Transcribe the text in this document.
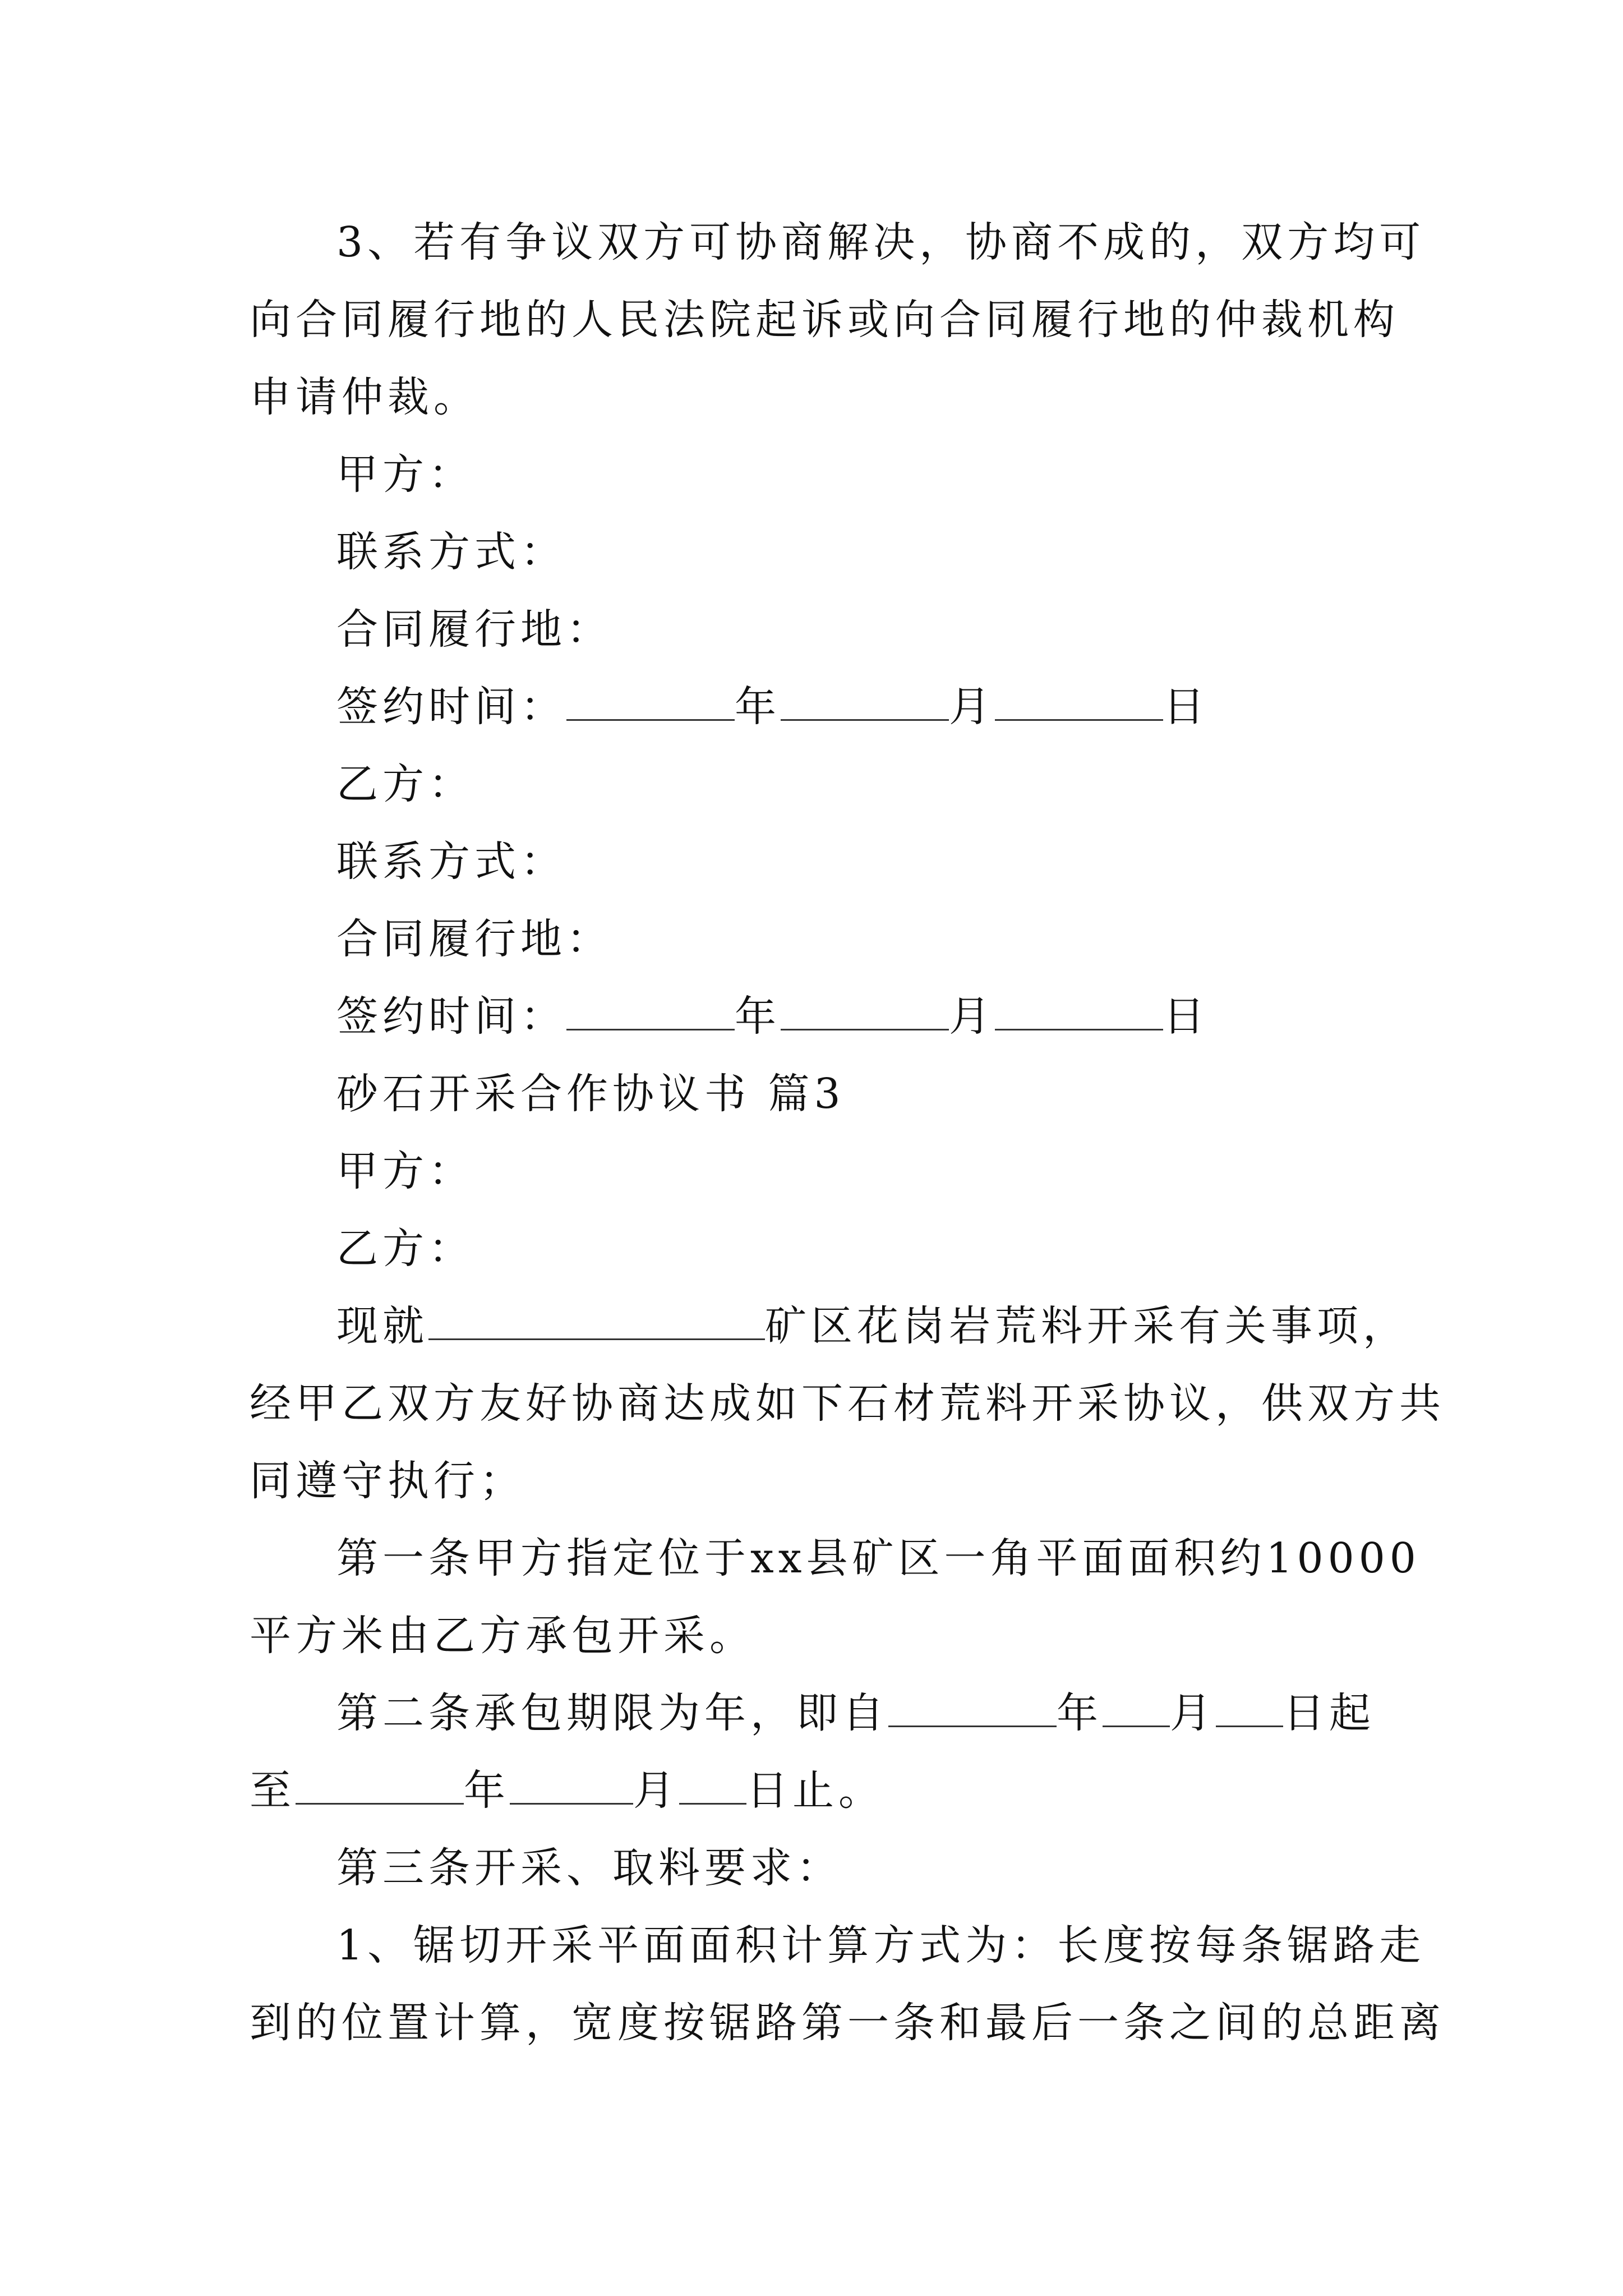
3、若有争议双方可协商解决，协商不成的，双方均可
向合同履行地的人民法院起诉或向合同履行地的仲裁机构
申请仲裁。
甲方：
联系方式：
合同履行地：
签约时间：	年	月	日
乙方：
联系方式：
合同履行地：
签约时间：	年	月	日
砂石开采合作协议书 篇3
甲方：
乙方：
现就	矿区花岗岩荒料开采有关事项，
经甲乙双方友好协商达成如下石材荒料开采协议，供双方共
同遵守执行；
第一条甲方指定位于xx县矿区一角平面面积约10000
平方米由乙方承包开采。
第二条承包期限为年，即自	年 月 日起
至	年	月 日止。
第三条开采、取料要求：
1、锯切开采平面面积计算方式为：长度按每条锯路走
到的位置计算，宽度按锯路第一条和最后一条之间的总距离
